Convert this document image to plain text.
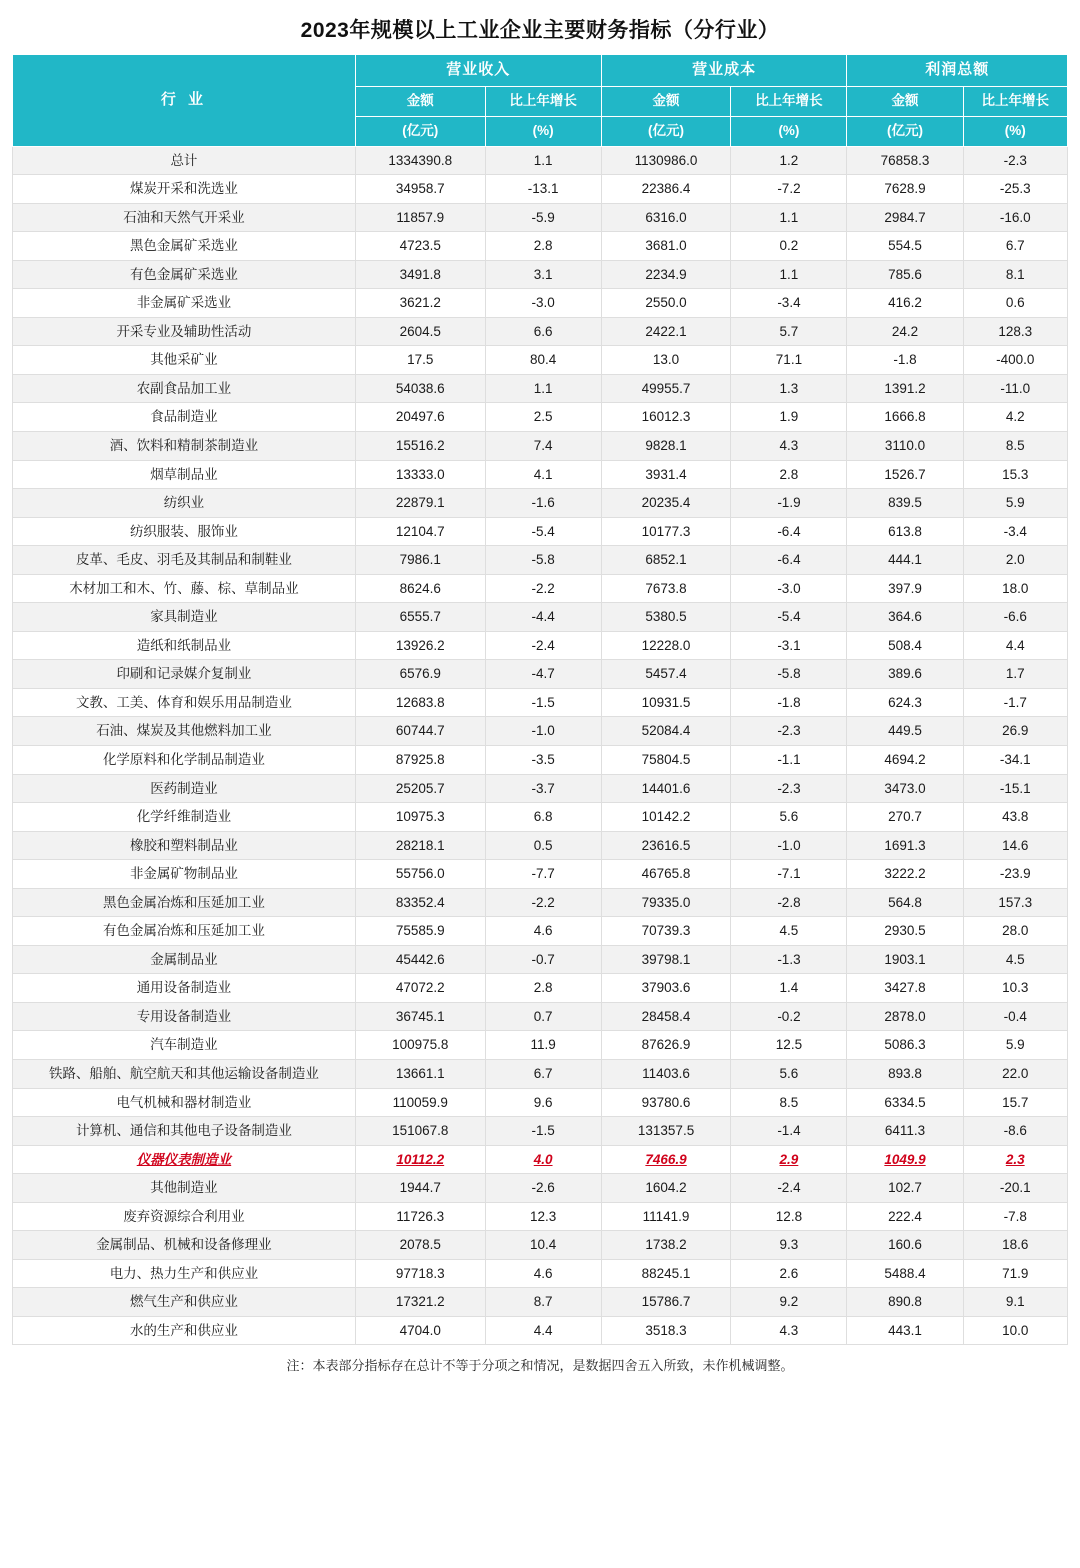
2023年规模以上工业企业主要财务指标（分行业）
行 业	营业收入		营业成本		利润总额	
	金额	比上年增长	金额	比上年增长	金额	比上年增长
	(亿元)	(%)	(亿元)	(%)	(亿元)	(%)
总计	1334390.8	1.1	1130986.0	1.2	76858.3	-2.3
煤炭开采和洗选业	34958.7	-13.1	22386.4	-7.2	7628.9	-25.3
石油和天然气开采业	11857.9	-5.9	6316.0	1.1	2984.7	-16.0
黑色金属矿采选业	4723.5	2.8	3681.0	0.2	554.5	6.7
有色金属矿采选业	3491.8	3.1	2234.9	1.1	785.6	8.1
非金属矿采选业	3621.2	-3.0	2550.0	-3.4	416.2	0.6
开采专业及辅助性活动	2604.5	6.6	2422.1	5.7	24.2	128.3
其他采矿业	17.5	80.4	13.0	71.1	-1.8	-400.0
农副食品加工业	54038.6	1.1	49955.7	1.3	1391.2	-11.0
食品制造业	20497.6	2.5	16012.3	1.9	1666.8	4.2
酒、饮料和精制茶制造业	15516.2	7.4	9828.1	4.3	3110.0	8.5
烟草制品业	13333.0	4.1	3931.4	2.8	1526.7	15.3
纺织业	22879.1	-1.6	20235.4	-1.9	839.5	5.9
纺织服装、服饰业	12104.7	-5.4	10177.3	-6.4	613.8	-3.4
皮革、毛皮、羽毛及其制品和制鞋业	7986.1	-5.8	6852.1	-6.4	444.1	2.0
木材加工和木、竹、藤、棕、草制品业	8624.6	-2.2	7673.8	-3.0	397.9	18.0
家具制造业	6555.7	-4.4	5380.5	-5.4	364.6	-6.6
造纸和纸制品业	13926.2	-2.4	12228.0	-3.1	508.4	4.4
印刷和记录媒介复制业	6576.9	-4.7	5457.4	-5.8	389.6	1.7
文教、工美、体育和娱乐用品制造业	12683.8	-1.5	10931.5	-1.8	624.3	-1.7
石油、煤炭及其他燃料加工业	60744.7	-1.0	52084.4	-2.3	449.5	26.9
化学原料和化学制品制造业	87925.8	-3.5	75804.5	-1.1	4694.2	-34.1
医药制造业	25205.7	-3.7	14401.6	-2.3	3473.0	-15.1
化学纤维制造业	10975.3	6.8	10142.2	5.6	270.7	43.8
橡胶和塑料制品业	28218.1	0.5	23616.5	-1.0	1691.3	14.6
非金属矿物制品业	55756.0	-7.7	46765.8	-7.1	3222.2	-23.9
黑色金属冶炼和压延加工业	83352.4	-2.2	79335.0	-2.8	564.8	157.3
有色金属冶炼和压延加工业	75585.9	4.6	70739.3	4.5	2930.5	28.0
金属制品业	45442.6	-0.7	39798.1	-1.3	1903.1	4.5
通用设备制造业	47072.2	2.8	37903.6	1.4	3427.8	10.3
专用设备制造业	36745.1	0.7	28458.4	-0.2	2878.0	-0.4
汽车制造业	100975.8	11.9	87626.9	12.5	5086.3	5.9
铁路、船舶、航空航天和其他运输设备制造业	13661.1	6.7	11403.6	5.6	893.8	22.0
电气机械和器材制造业	110059.9	9.6	93780.6	8.5	6334.5	15.7
计算机、通信和其他电子设备制造业	151067.8	-1.5	131357.5	-1.4	6411.3	-8.6
仪器仪表制造业	10112.2	4.0	7466.9	2.9	1049.9	2.3
其他制造业	1944.7	-2.6	1604.2	-2.4	102.7	-20.1
废弃资源综合利用业	11726.3	12.3	11141.9	12.8	222.4	-7.8
金属制品、机械和设备修理业	2078.5	10.4	1738.2	9.3	160.6	18.6
电力、热力生产和供应业	97718.3	4.6	88245.1	2.6	5488.4	71.9
燃气生产和供应业	17321.2	8.7	15786.7	9.2	890.8	9.1
水的生产和供应业	4704.0	4.4	3518.3	4.3	443.1	10.0
注：本表部分指标存在总计不等于分项之和情况，是数据四舍五入所致，未作机械调整。
